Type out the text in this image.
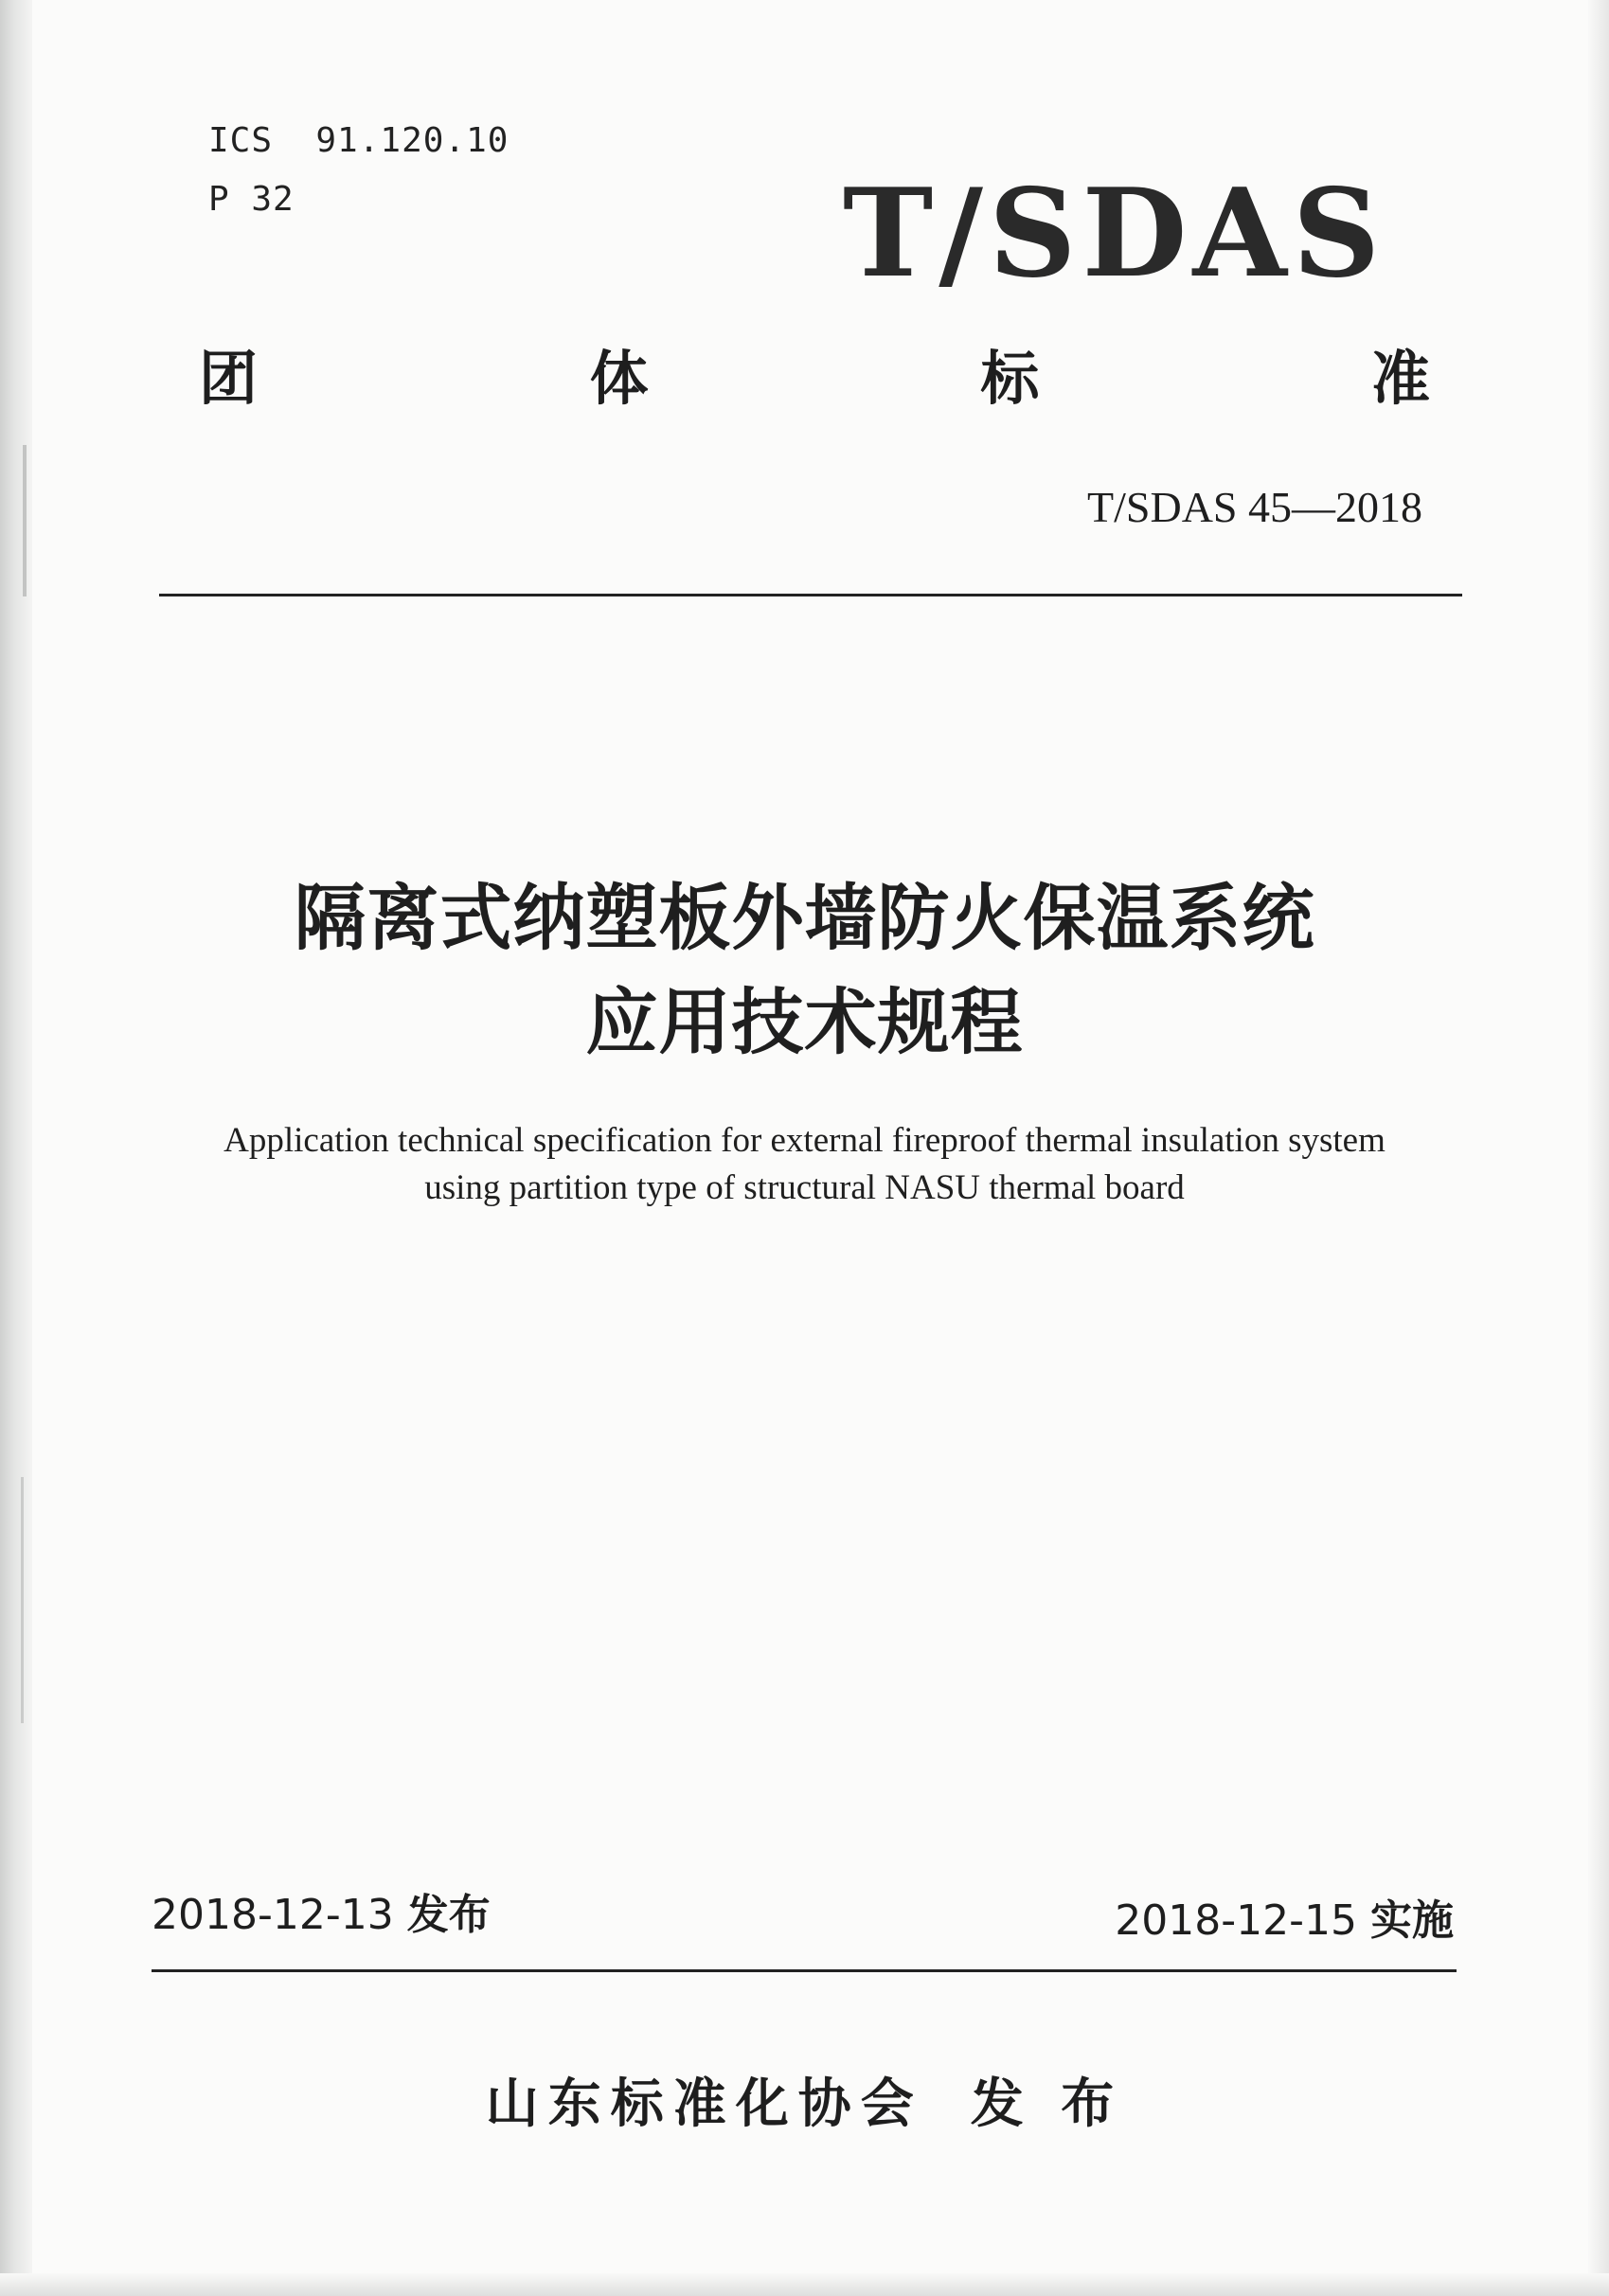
ICS  91.120.10
P 32	T/SDAS
团	体	标	准
T/SDAS 45—2018
隔离式纳塑板外墙防火保温系统
应用技术规程
Application technical specification for external fireproof thermal insulation system
using partition type of structural NASU thermal board
2018-12-13 发布	2018-12-15 实施
山东标准化协会 发 布
